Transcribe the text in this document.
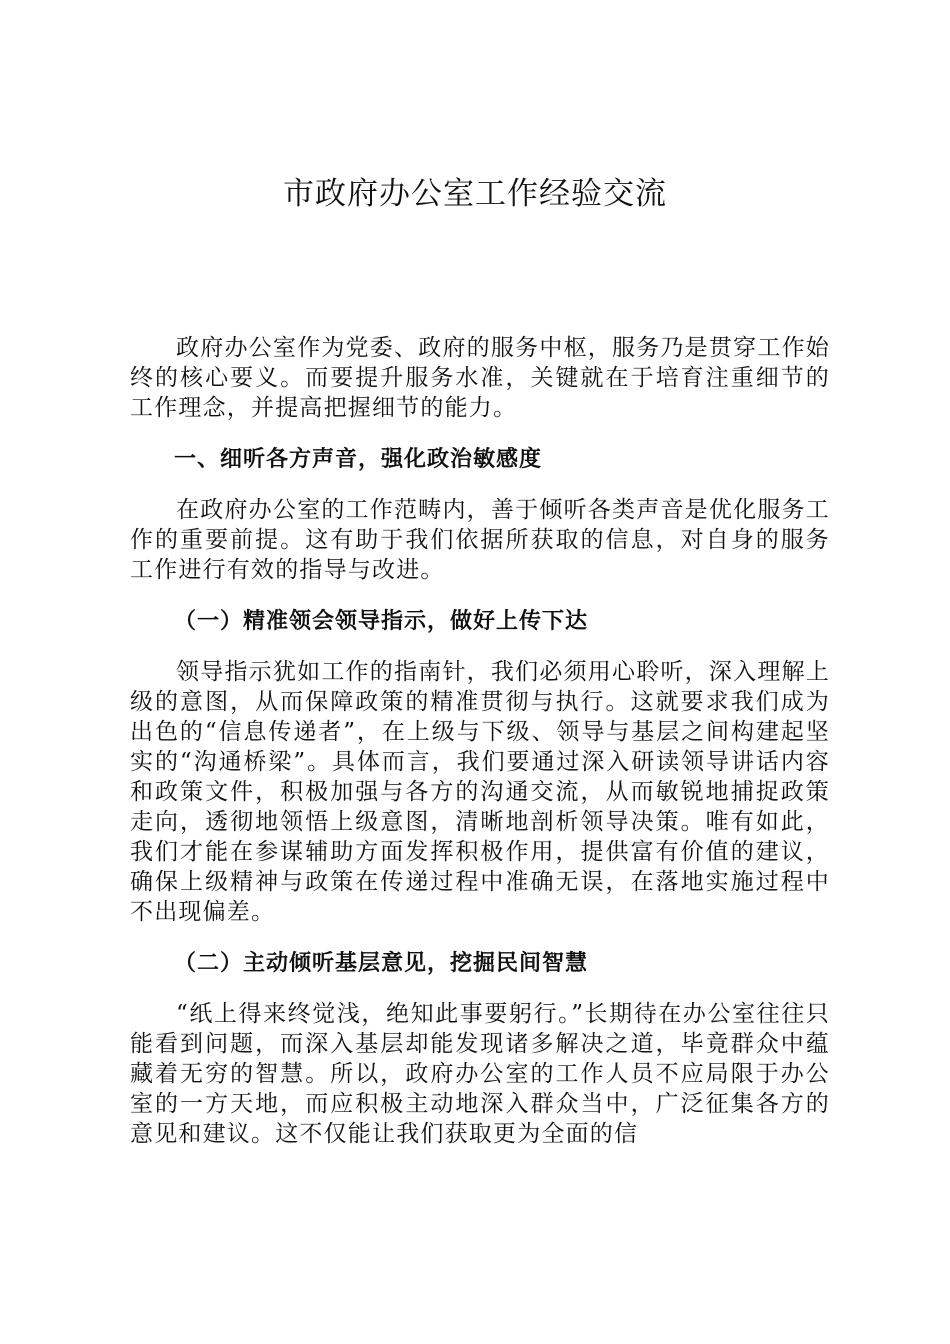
市政府办公室工作经验交流

政府办公室作为党委、政府的服务中枢，服务乃是贯穿工作始终的核心要义。而要提升服务水准，关键就在于培育注重细节的工作理念，并提高把握细节的能力。

一、细听各方声音，强化政治敏感度

在政府办公室的工作范畴内，善于倾听各类声音是优化服务工作的重要前提。这有助于我们依据所获取的信息，对自身的服务工作进行有效的指导与改进。

（一）精准领会领导指示，做好上传下达

领导指示犹如工作的指南针，我们必须用心聆听，深入理解上级的意图，从而保障政策的精准贯彻与执行。这就要求我们成为出色的“信息传递者”，在上级与下级、领导与基层之间构建起坚实的“沟通桥梁”。具体而言，我们要通过深入研读领导讲话内容和政策文件，积极加强与各方的沟通交流，从而敏锐地捕捉政策走向，透彻地领悟上级意图，清晰地剖析领导决策。唯有如此，我们才能在参谋辅助方面发挥积极作用，提供富有价值的建议，确保上级精神与政策在传递过程中准确无误，在落地实施过程中不出现偏差。

（二）主动倾听基层意见，挖掘民间智慧

“纸上得来终觉浅，绝知此事要躬行。”长期待在办公室往往只能看到问题，而深入基层却能发现诸多解决之道，毕竟群众中蕴藏着无穷的智慧。所以，政府办公室的工作人员不应局限于办公室的一方天地，而应积极主动地深入群众当中，广泛征集各方的意见和建议。这不仅能让我们获取更为全面的信
